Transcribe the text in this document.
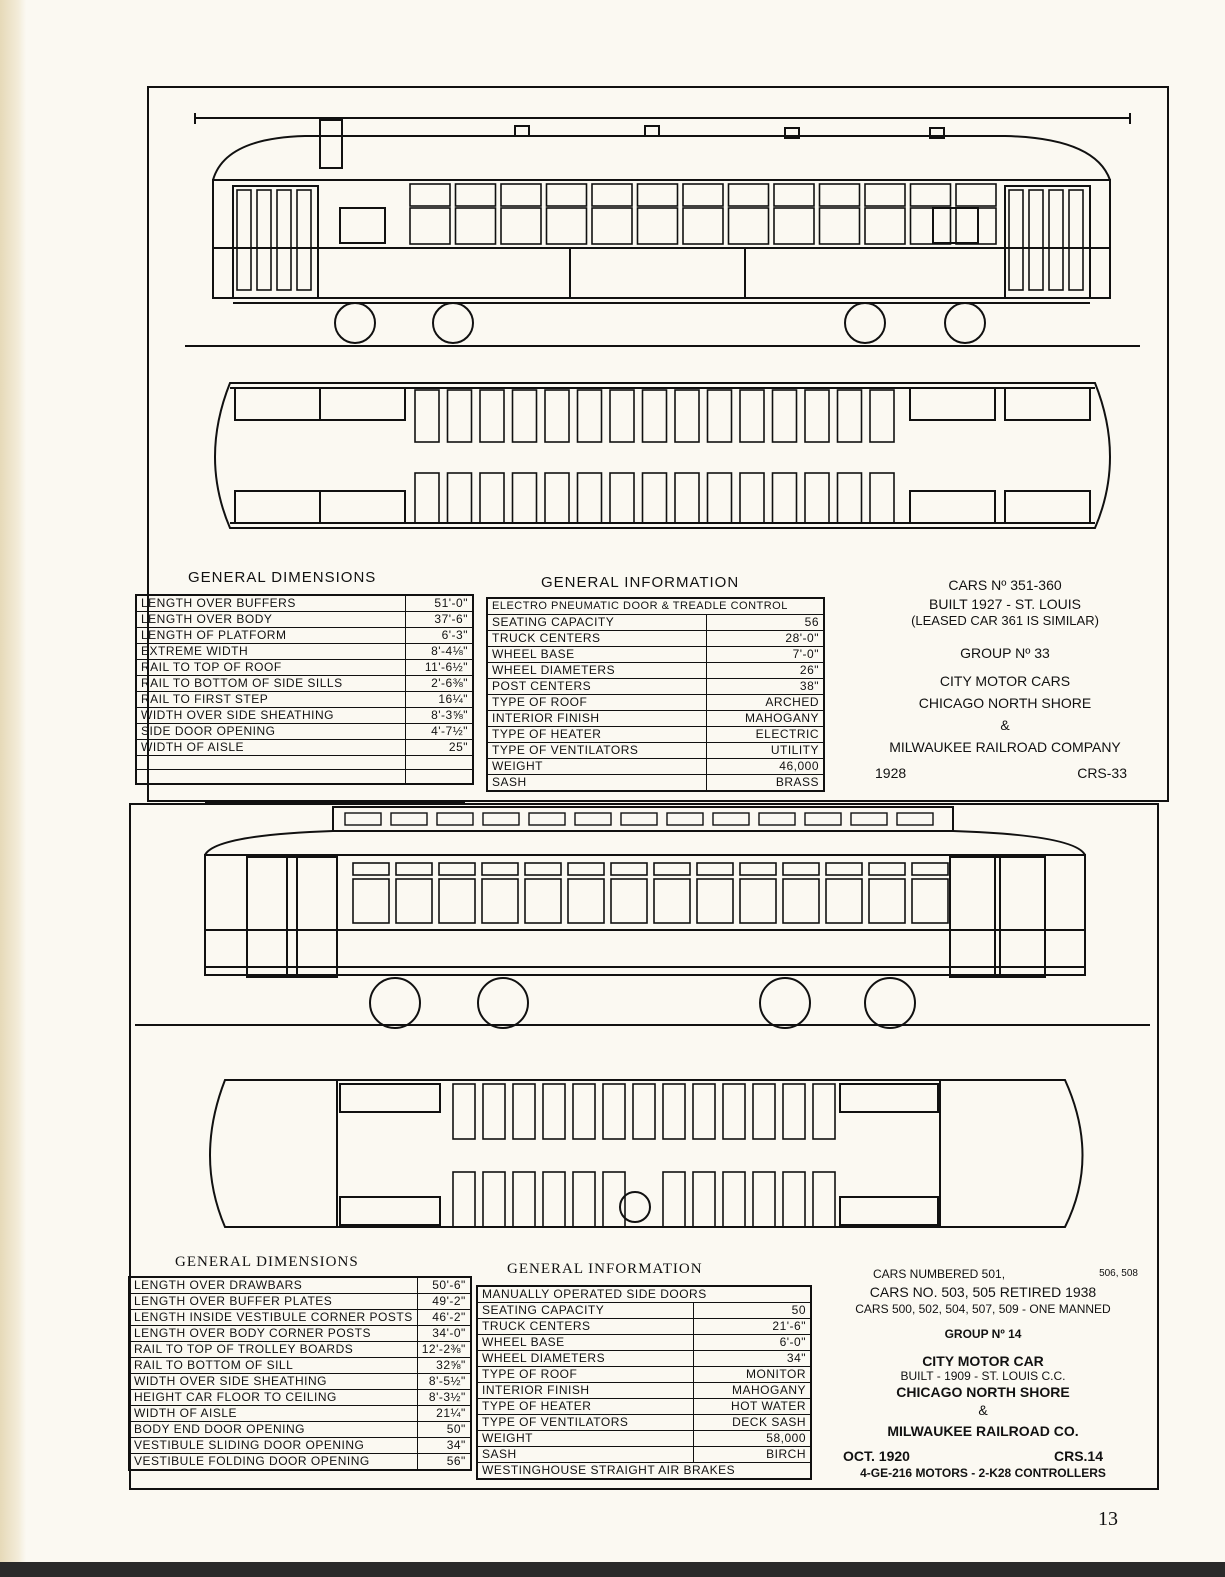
GENERAL DIMENSIONS
LENGTH OVER BUFFERS	51'-0"
LENGTH OVER BODY	37'-6"
LENGTH OF PLATFORM	6'-3"
EXTREME WIDTH	8'-4⅛"
RAIL TO TOP OF ROOF	11'-6½"
RAIL TO BOTTOM OF SIDE SILLS	2'-6⅜"
RAIL TO FIRST STEP	16¼"
WIDTH OVER SIDE SHEATHING	8'-3⅝"
SIDE DOOR OPENING	4'-7½"
WIDTH OF AISLE	25"

GENERAL INFORMATION
ELECTRO PNEUMATIC DOOR & TREADLE CONTROL	
SEATING CAPACITY	56
TRUCK CENTERS	28'-0"
WHEEL BASE	7'-0"
WHEEL DIAMETERS	26"
POST CENTERS	38"
TYPE OF ROOF	ARCHED
INTERIOR FINISH	MAHOGANY
TYPE OF HEATER	ELECTRIC
TYPE OF VENTILATORS	UTILITY
WEIGHT	46,000
SASH	BRASS
CARS Nº 351-360
BUILT 1927 - ST. LOUIS
(LEASED CAR 361 IS SIMILAR)
GROUP Nº 33
CITY MOTOR CARS
CHICAGO NORTH SHORE
&
MILWAUKEE RAILROAD COMPANY
1928	CRS-33
GENERAL DIMENSIONS
LENGTH OVER DRAWBARS	50'-6"
LENGTH OVER BUFFER PLATES	49'-2"
LENGTH INSIDE VESTIBULE CORNER POSTS	46'-2"
LENGTH OVER BODY CORNER POSTS	34'-0"
RAIL TO TOP OF TROLLEY BOARDS	12'-2⅜"
RAIL TO BOTTOM OF SILL	32⅝"
WIDTH OVER SIDE SHEATHING	8'-5½"
HEIGHT CAR FLOOR TO CEILING	8'-3½"
WIDTH OF AISLE	21¼"
BODY END DOOR OPENING	50"
VESTIBULE SLIDING DOOR OPENING	34"
VESTIBULE FOLDING DOOR OPENING	56"
GENERAL INFORMATION
MANUALLY OPERATED SIDE DOORS	
SEATING CAPACITY	50
TRUCK CENTERS	21'-6"
WHEEL BASE	6'-0"
WHEEL DIAMETERS	34"
TYPE OF ROOF	MONITOR
INTERIOR FINISH	MAHOGANY
TYPE OF HEATER	HOT WATER
TYPE OF VENTILATORS	DECK SASH
WEIGHT	58,000
SASH	BIRCH
WESTINGHOUSE STRAIGHT AIR BRAKES	
CARS NUMBERED 501,	506, 508
CARS NO. 503, 505 RETIRED 1938
CARS 500, 502, 504, 507, 509 - ONE MANNED
GROUP Nº 14
CITY MOTOR CAR
BUILT - 1909 - ST. LOUIS C.C.
CHICAGO NORTH SHORE
&
MILWAUKEE RAILROAD CO.
OCT. 1920	CRS.14
4-GE-216 MOTORS - 2-K28 CONTROLLERS
13
